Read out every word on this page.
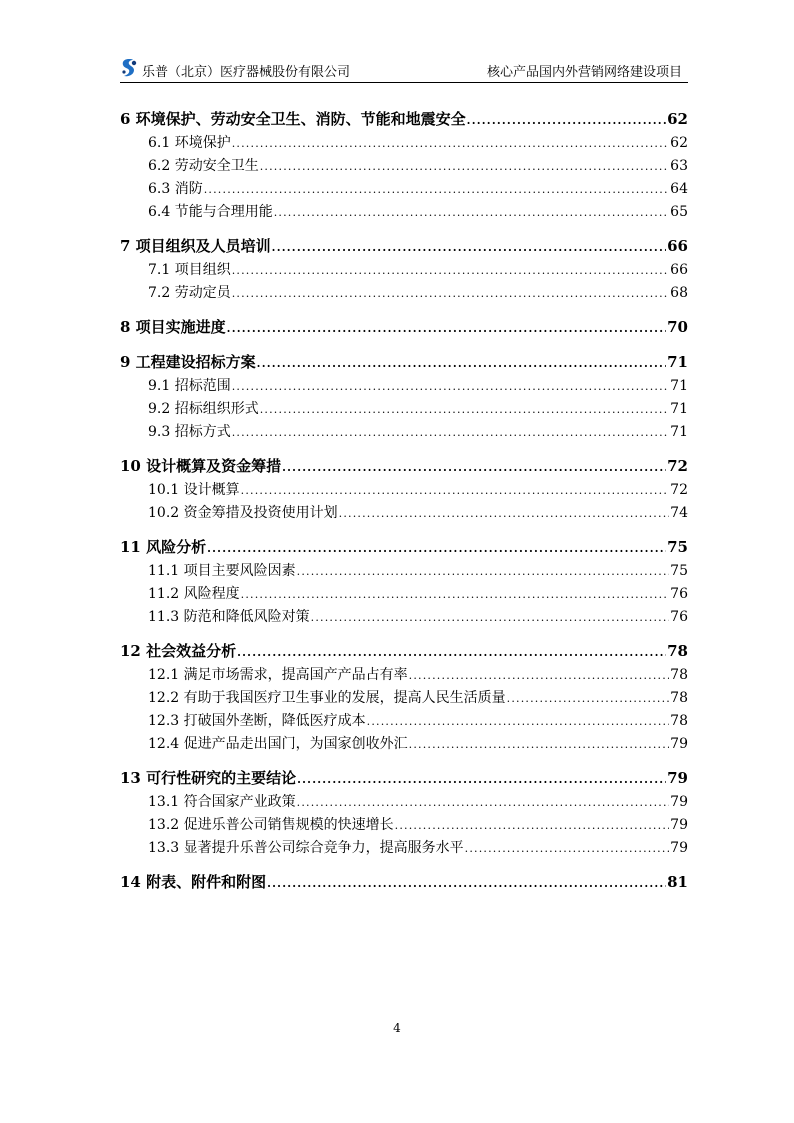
乐普（北京）医疗器械股份有限公司	核心产品国内外营销网络建设项目
6 环境保护、劳动安全卫生、消防、节能和地震安全 .....	62
6.1 环境保护 .....	62
6.2 劳动安全卫生 .....	63
6.3 消防 .....	64
6.4 节能与合理用能 .....	65
7 项目组织及人员培训 .....	66
7.1 项目组织 .....	66
7.2 劳动定员 .....	68
8 项目实施进度 .....	70
9 工程建设招标方案 .....	71
9.1 招标范围 .....	71
9.2 招标组织形式 .....	71
9.3 招标方式 .....	71
10 设计概算及资金筹措 .....	72
10.1 设计概算 .....	72
10.2 资金筹措及投资使用计划 .....	74
11 风险分析 .....	75
11.1 项目主要风险因素 .....	75
11.2 风险程度 .....	76
11.3 防范和降低风险对策 .....	76
12 社会效益分析 .....	78
12.1 满足市场需求，提高国产产品占有率 .....	78
12.2 有助于我国医疗卫生事业的发展，提高人民生活质量 .....	78
12.3 打破国外垄断，降低医疗成本 .....	78
12.4 促进产品走出国门，为国家创收外汇 .....	79
13 可行性研究的主要结论 .....	79
13.1 符合国家产业政策 .....	79
13.2 促进乐普公司销售规模的快速增长 .....	79
13.3 显著提升乐普公司综合竞争力，提高服务水平 .....	79
14 附表、附件和附图 .....	81
4
